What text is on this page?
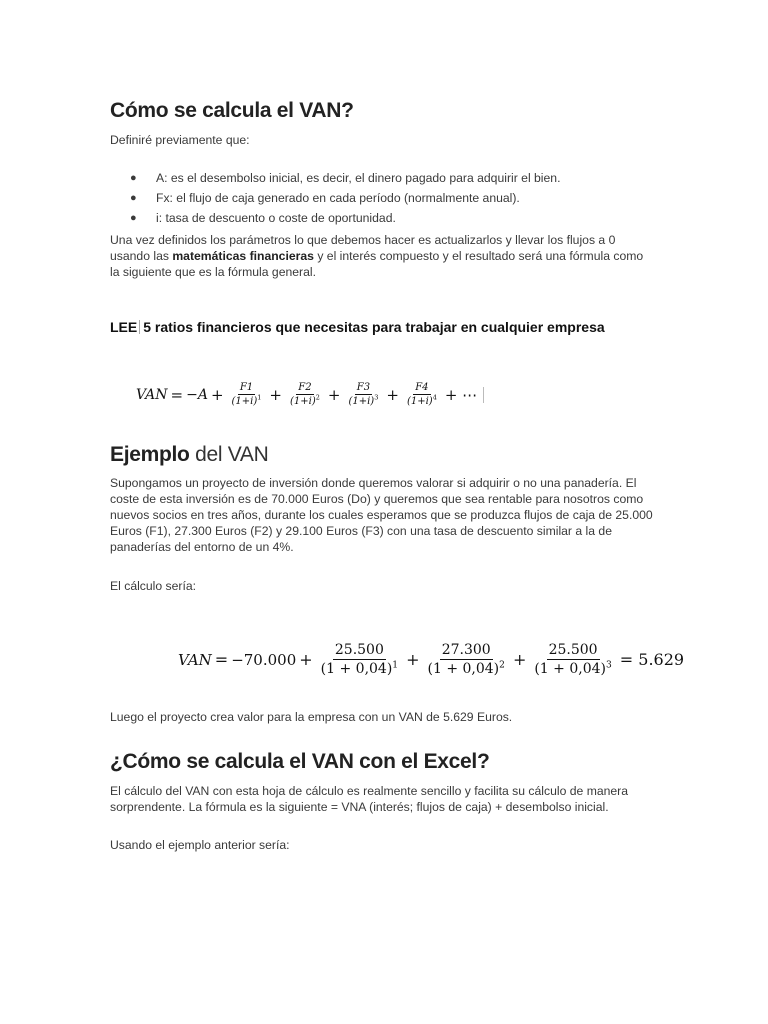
Cómo se calcula el VAN?

Definiré previamente que:

● A: es el desembolso inicial, es decir, el dinero pagado para adquirir el bien.
● Fx: el flujo de caja generado en cada período (normalmente anual).
● i: tasa de descuento o coste de oportunidad.

Una vez definidos los parámetros lo que debemos hacer es actualizarlos y llevar los flujos a 0 usando las matemáticas financieras y el interés compuesto y el resultado será una fórmula como la siguiente que es la fórmula general.

LEE 5 ratios financieros que necesitas para trabajar en cualquier empresa
VAN = $-A + \frac{F1}{(1+i)^1} + \frac{F2}{(1+i)^2} + \frac{F3}{(1+i)^3} + \frac{F4}{(1+i)^4}$ + ⋯
Ejemplo del VAN

Supongamos un proyecto de inversión donde queremos valorar si adquirir o no una panadería. El coste de esta inversión es de 70.000 Euros (Do) y queremos que sea rentable para nosotros como nuevos socios en tres años, durante los cuales esperamos que se produzca flujos de caja de 25.000 Euros (F1), 27.300 Euros (F2) y 29.100 Euros (F3) con una tasa de descuento similar a la de panaderías del entorno de un 4%.

El cálculo sería:

VAN = $-70.000 + \frac{25.500}{(1 + 0,04)^1} + \frac{27.300}{(1 + 0,04)^2} + \frac{25.500}{(1 + 0,04)^3} = 5.629$

Luego el proyecto crea valor para la empresa con un VAN de 5.629 Euros.

¿Cómo se calcula el VAN con el Excel?

El cálculo del VAN con esta hoja de cálculo es realmente sencillo y facilita su cálculo de manera sorprendente. La fórmula es la siguiente = VNA (interés; flujos de caja) + desembolso inicial.

Usando el ejemplo anterior sería:
